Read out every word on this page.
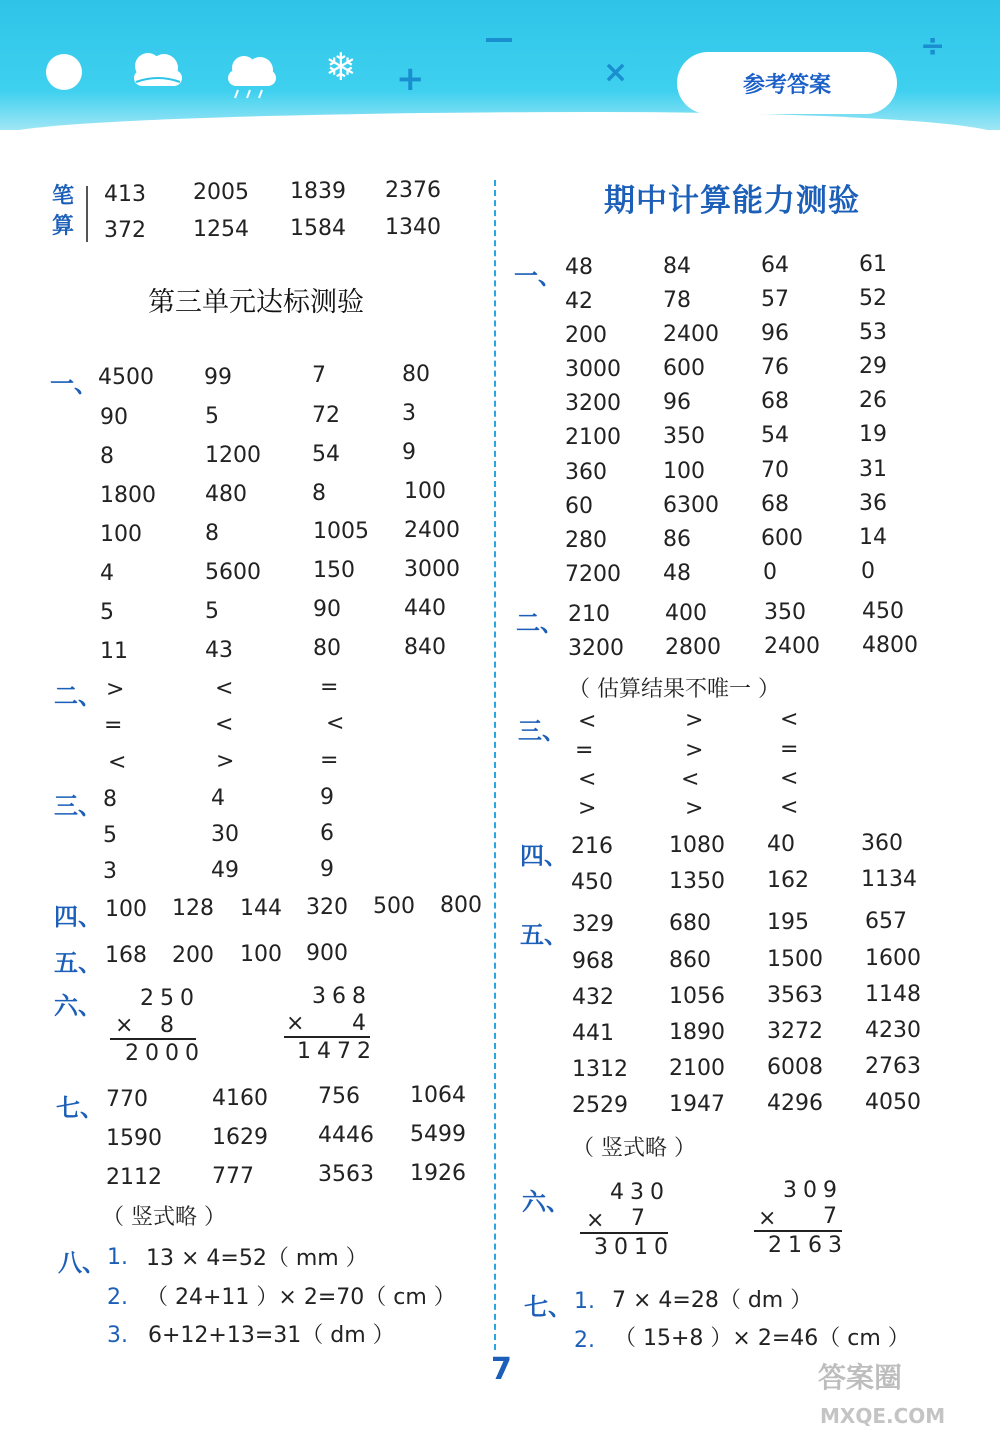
❄ +	×
÷
参考答案
笔
算
413 2005 1839 2376
372 1254 1584 1340
第三单元达标测验
一、 4500 99	7	80
90	5	72	3
8	1200 54	9
1800 480	8	100
100	8	1005 2400
4	5600 150 3000
5	5	90	440
11	43	80	840
二、 >	<	=
=	<	<
<	>	=
三、 8	4	9
5	30	6
3	49	9
四、 100 128 144 320 500 800
五、 168 200 100 900
六、 250
× 8
2000
368
× 4
1472
七、 770	4160 756 1064
1590 1629 4446 5499
2112 777	3563 1926
（ 竖式略 ）
八、 1. 13 × 4=52（ mm ）
2. （ 24+11 ）× 2=70（ cm ）
3. 6+12+13=31（ dm ）
期中计算能力测验
一、 48	84	64	61
42	78	57	52
200	2400 96	53
3000 600	76	29
3200 96	68	26
2100 350	54	19
360	100	70	31
60	6300 68	36
280	86	600	14
7200 48	0	0
二、 210	400	350	450
3200 2800 2400 4800
（ 估算结果不唯一 ）
三、 <	>	<
=	>	=
<	<	<
>	>	<
四、 216	1080 40	360
450	1350 162 1134
五、 329	680	195	657
968	860	1500 1600
432	1056 3563 1148
441	1890 3272 4230
1312 2100 6008 2763
2529 1947 4296 4050
（ 竖式略 ）
六、 430
× 7
3010
309
× 7
2163
七、 1. 7 × 4=28（ dm ）
2. （ 15+8 ）× 2=46（ cm ）
7	答案圈
MXQE.COM
